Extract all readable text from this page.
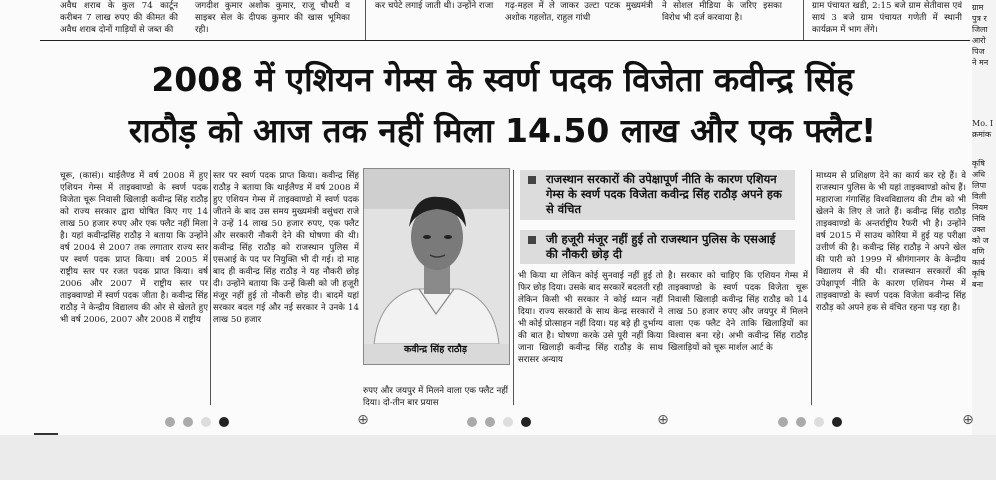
अवैध शराब के कुल 74 कार्टून करीबन 7 लाख रुपए की कीमत की अवैध शराब दोनों गाड़ियों से जब्त की

जगदीश कुमार अशोक कुमार, राजू चौधरी व साइबर सेल के दीपक कुमार की खास भूमिका रही।

कर चपेटे लगाई जाती थी। उन्होंने राजा गढ़-महल में ले जाकर उल्टा पटक मुख्यमंत्री अशोक गहलोत, राहुल गांधी

ने सोशल मीडिया के जरिए इसका विरोध भी दर्ज करवाया है।

ग्राम पंचायत खडी, 2:15 बजे ग्राम सेतीवास एवं सायं 3 बजे ग्राम पंचायत गणेती में स्थानी कार्यक्रम में भाग लेंगे।

2008 में एशियन गेम्स के स्वर्ण पदक विजेता कवीन्द्र सिंह
राठौड़ को आज तक नहीं मिला 14.50 लाख और एक फ्लैट!

चूरू, (कासं)। थाईलैण्ड में वर्ष 2008 में हुए एशियन गेम्स में ताइक्वाण्डो के स्वर्ण पदक विजेता चूरू निवासी खिलाड़ी कवीन्द्र सिंह राठौड़ को राज्य सरकार द्वारा घोषित किए गए 14 लाख 50 हजार रुपए और एक फ्लैट नहीं मिला है। यहां कवीन्द्रसिंह राठौड़ ने बताया कि उन्होंने वर्ष 2004 से 2007 तक लगातार राज्य स्तर पर स्वर्ण पदक प्राप्त किया। वर्ष 2005 में राष्ट्रीय स्तर पर रजत पदक प्राप्त किया। वर्ष 2006 और 2007 में राष्ट्रीय स्तर पर ताइक्वाण्डो में स्वर्ण पदक जीता है। कवीन्द्र सिंह राठौड़ ने केन्द्रीय विद्यालय की ओर से खेलते हुए भी वर्ष 2006, 2007 और 2008 में राष्ट्रीय

स्तर पर स्वर्ण पदक प्राप्त किया। कवीन्द्र सिंह राठौड़ ने बताया कि थाईलैण्ड में वर्ष 2008 में हुए एशियन गेम्स में ताइक्वाण्डो में स्वर्ण पदक जीतने के बाद उस समय मुख्यमंत्री वसुंधरा राजे ने उन्हें 14 लाख 50 हजार रुपए, एक फ्लैट और सरकारी नौकरी देने की घोषणा की थी। कवीन्द्र सिंह राठौड़ को राजस्थान पुलिस में एसआई के पद पर नियुक्ति भी दी गई। दो माह बाद ही कवीन्द्र सिंह राठौड़ ने यह नौकरी छोड़ दी। उन्होंने बताया कि उन्हें किसी को जी हजूरी मंजूर नहीं हुई तो नौकरी छोड़ दी। बादमें यहां सरकार बदल गई और नई सरकार ने उनके 14 लाख 50 हजार

कवीन्द्र सिंह राठौड़

रुपए और जयपुर में मिलने वाला एक फ्लैट नहीं दिया। दो-तीन बार प्रयास

राजस्थान सरकारों की उपेक्षापूर्ण नीति के कारण एशियन गेम्स के स्वर्ण पदक विजेता कवीन्द्र सिंह राठौड़ अपने हक से वंचित

जी हजूरी मंजूर नहीं हुई तो राजस्थान पुलिस के एसआई की नौकरी छोड़ दी

भी किया था लेकिन कोई सुनवाई नहीं हुई तो फिर छोड़ दिया। उसके बाद सरकारें बदलती रही लेकिन किसी भी सरकार ने कोई ध्यान नहीं दिया। राज्य सरकारों के साथ केन्द्र सरकारों ने भी कोई प्रोत्साहन नहीं दिया। यह बड़े ही दुर्भाग्य की बात है। घोषणा करके उसे पूरी नहीं किया जाना खिलाड़ी कवीन्द्र सिंह राठौड़ के साथ सरासर अन्याय

है। सरकार को चाहिए कि एशियन गेम्स में ताइक्वाण्डो के स्वर्ण पदक विजेता चूरू निवासी खिलाड़ी कवीन्द्र सिंह राठौड़ को 14 लाख 50 हजार रुपए और जयपुर में मिलने वाला एक फ्लैट देने ताकि खिलाड़ियों का विश्वास बना रहे। अभी कवीन्द्र सिंह राठौड़ खिलाड़ियों को चूरू मार्शल आर्ट के

माध्यम से प्रशिक्षण देने का कार्य कर रहे हैं। वे राजस्थान पुलिस के भी यहां ताइक्वाण्डो कोच हैं। महाराजा गंगासिंह विश्वविद्यालय की टीम को भी खेलने के लिए ले जाते हैं। कवीन्द्र सिंह राठौड़ ताइक्वाण्डो के अन्तर्राष्ट्रीय रैफरी भी है। उन्होंने वर्ष 2015 में साउथ कोरिया में हुई यह परीक्षा उत्तीर्ण की है। कवीन्द्र सिंह राठौड़ ने अपने खेल की पारी को 1999 में श्रीगंगानगर के केन्द्रीय विद्यालय से की थी। राजस्थान सरकारों की उपेक्षापूर्ण नीति के कारण एशियन गेम्स में ताइक्वाण्डो के स्वर्ण पदक विजेता कवीन्द्र सिंह राठौड़ को अपने हक से वंचित रहना पड़ रहा है।

ग्राम

पुत्र र

जिला

आरो

पिज

ने मन

Mo. I

क्रमांक

कृषि

अधि

लिपा

विली

नियम

निवि

उक्त

को ज

वणि

कार्य

कृषि

बना

⊕	⊕	⊕
